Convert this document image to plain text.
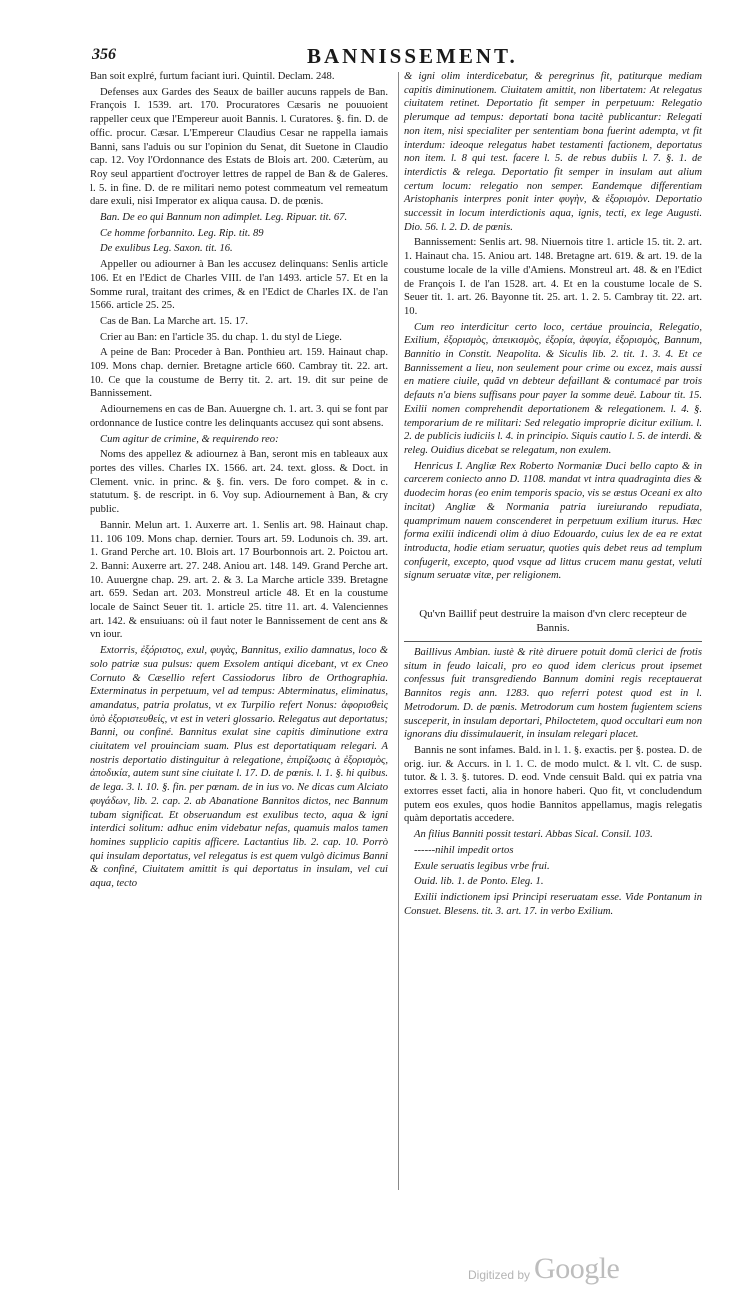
356	BANNISSEMENT.

Ban soit explré, furtum faciant iuri. Quintil. Declam. 248.

Defenses aux Gardes des Seaux de bailler aucuns rappels de Ban. François I. 1539. art. 170. Procuratores Cæsaris ne pouuoient rappeller ceux que l'Empereur auoit Bannis. l. Curatores. §. fin. D. de offic. procur. Cæsar. L'Empereur Claudius Cesar ne rappella iamais Banni, sans l'aduis ou sur l'opinion du Senat, dit Suetone in Claudio cap. 12. Voy l'Ordonnance des Estats de Blois art. 200. Cæterùm, au Roy seul appartient d'octroyer lettres de rappel de Ban & de Galeres. l. 5. in fine. D. de re militari nemo potest commeatum vel remeatum dare exuli, nisi Imperator ex aliqua causa. D. de pœnis.

Ban. De eo qui Bannum non adimplet. Leg. Ripuar. tit. 67.

Ce homme forbannito. Leg. Rip. tit. 89

De exulibus Leg. Saxon. tit. 16.

Appeller ou adiourner à Ban les accusez delinquans: Senlis article 106. Et en l'Edict de Charles VIII. de l'an 1493. article 57. Et en la Somme rural, traitant des crimes, & en l'Edict de Charles IX. de l'an 1566. article 25. 25.

Cas de Ban. La Marche art. 15. 17.

Crier au Ban: en l'article 35. du chap. 1. du styl de Liege.

A peine de Ban: Proceder à Ban. Ponthieu art. 159. Hainaut chap. 109. Mons chap. dernier. Bretagne article 660. Cambray tit. 22. art. 10. Ce que la coustume de Berry tit. 2. art. 19. dit sur peine de Bannissement.

Adiournemens en cas de Ban. Auuergne ch. 1. art. 3. qui se font par ordonnance de Iustice contre les delinquants accusez qui sont absens.

Cum agitur de crimine, & requirendo reo:

Noms des appellez & adiournez à Ban, seront mis en tableaux aux portes des villes. Charles IX. 1566. art. 24. text. gloss. & Doct. in Clement. vnic. in princ. & §. fin. vers. De foro compet. & in c. statutum. §. de rescript. in 6. Voy sup. Adiournement à Ban, & cry public.

Bannir. Melun art. 1. Auxerre art. 1. Senlis art. 98. Hainaut chap. 11. 106 109. Mons chap. dernier. Tours art. 59. Lodunois ch. 39. art. 1. Grand Perche art. 10. Blois art. 17 Bourbonnois art. 2. Poictou art. 2. Banni: Auxerre art. 27. 248. Aniou art. 148. 149. Grand Perche art. 10. Auuergne chap. 29. art. 2. & 3. La Marche article 339. Bretagne art. 659. Sedan art. 203. Monstreul article 48. Et en la coustume locale de Sainct Seuer tit. 1. article 25. titre 11. art. 4. Valenciennes art. 142. & ensuiuans: où il faut noter le Bannissement de cent ans & vn iour.

Extorris, ἐξόριστος, exul, φυγὰς, Bannitus, exilio damnatus, loco & solo patriæ sua pulsus: quem Exsolem antiqui dicebant, vt ex Cneo Cornuto & Cæsellio refert Cassiodorus libro de Orthographia. Exterminatus in perpetuum, vel ad tempus: Abterminatus, eliminatus, amandatus, patria prolatus, vt ex Turpilio refert Nonus: ἀφορισθεὶς ὑπὸ ἐξοριστευθείς, vt est in veteri glossario. Relegatus aut deportatus; Banni, ou confiné. Bannitus exulat sine capitis diminutione extra ciuitatem vel prouinciam suam. Plus est deportatiquam relegari. A nostris deportatio distinguitur à relegatione, ἐπιρίζωσις à ἐξορισμὸς, ἀποδικία, autem sunt sine ciuitate l. 17. D. de pœnis. l. 1. §. hi quibus. de lega. 3. l. 10. §. fin. per pœnam. de in ius vo. Ne dicas cum Alciato φυγάδων, lib. 2. cap. 2. ab Abanatione Bannitos dictos, nec Bannum tubam significat. Et obseruandum est exulibus tecto, aqua & igni interdici solitum: adhuc enim videbatur nefas, quamuis malos tamen homines supplicio capitis afficere. Lactantius lib. 2. cap. 10. Porrò qui insulam deportatus, vel relegatus is est quem vulgò dicimus Banni & confiné, Ciuitatem amittit is qui deportatus in insulam, vel cui aqua, tecto

& igni olim interdicebatur, & peregrinus fit, patiturque mediam capitis diminutionem. Ciuitatem amittit, non libertatem: At relegatus ciuitatem retinet. Deportatio fit semper in perpetuum: Relegatio plerumque ad tempus: deportati bona tacitè publicantur: Relegati non item, nisi specialiter per sententiam bona fuerint adempta, vt fit interdum: ideoque relegatus habet testamenti factionem, deportatus non item. l. 8 qui test. facere l. 5. de rebus dubiis l. 7. §. 1. de interdictis & relega. Deportatio fit semper in insulam aut alium certum locum: relegatio non semper. Eandemque differentiam Aristophanis interpres ponit inter φυγὴν, & ἐξορισμὸν. Deportatio successit in locum interdictionis aqua, ignis, tecti, ex lege Augusti. Dio. 56. l. 2. D. de pœnis.

Bannissement: Senlis art. 98. Niuernois titre 1. article 15. tit. 2. art. 1. Hainaut cha. 15. Aniou art. 148. Bretagne art. 619. & art. 19. de la coustume locale de la ville d'Amiens. Monstreul art. 48. & en l'Edict de François I. de l'an 1528. art. 4. Et en la coustume locale de S. Seuer tit. 1. art. 26. Bayonne tit. 25. art. 1. 2. 5. Cambray tit. 22. art. 10.

Cum reo interdicitur certo loco, certáue prouincia, Relegatio, Exilium, ἐξορισμὸς, ἀπεικισμὸς, ἐξορία, ἀφυγία, ἐξορισμὸς, Bannum, Bannitio in Constit. Neapolita. & Siculis lib. 2. tit. 1. 3. 4. Et ce Bannissement a lieu, non seulement pour crime ou excez, mais aussi en matiere ciuile, quãd vn debteur defaillant & contumacé par trois defauts n'a biens suffisans pour payer la somme deuë. Labour tit. 15. Exilii nomen comprehendit deportationem & relegationem. l. 4. §. temporarium de re militari: Sed relegatio improprie dicitur exilium. l. 2. de publicis iudiciis l. 4. in principio. Siquis cautio l. 5. de interdi. & releg. Ouidius dicebat se relegatum, non exulem.

Henricus I. Angliæ Rex Roberto Normaniæ Duci bello capto & in carcerem coniecto anno D. 1108. mandat vt intra quadraginta dies & duodecim horas (eo enim temporis spacio, vis se æstus Oceani ex alto incitat) Angliæ & Normania patria iureiurando repudiata, quamprimum nauem conscenderet in perpetuum exilium iturus. Hæc forma exilii indicendi olim à diuo Edouardo, cuius lex de ea re extat introducta, hodie etiam seruatur, quoties quis debet reus ad templum confugerit, excepto, quod vsque ad littus crucem manu gestat, veluti signum seruatæ vitæ, per religionem.

Qu'vn Baillif peut destruire la maison d'vn clerc recepteur de Bannis.

Baillivus Ambian. iustè & ritè diruere potuit domũ clerici de frotis situm in feudo laicali, pro eo quod idem clericus prout ipsemet confessus fuit transgrediendo Bannum domini regis receptauerat Bannitos regis ann. 1283. quo referri potest quod est in l. Metrodorum. D. de pœnis. Metrodorum cum hostem fugientem sciens susceperit, in insulam deportari, Philoctetem, quod occultari eum non ignorans diu dissimulauerit, in insulam relegari placet.

Bannis ne sont infames. Bald. in l. 1. §. exactis. per §. postea. D. de orig. iur. & Accurs. in l. 1. C. de modo mulct. & l. vlt. C. de susp. tutor. & l. 3. §. tutores. D. eod. Vnde censuit Bald. qui ex patria vna extorres esset facti, alia in honore haberi. Quo fit, vt concludendum putem eos exules, quos hodie Bannitos appellamus, magis relegatis quàm deportatis accedere.

An filius Banniti possit testari. Abbas Sical. Consil. 103.

------nihil impedit ortos

Exule seruatis legibus vrbe frui.

Ouid. lib. 1. de Ponto. Eleg. 1.

Exilii indictionem ipsi Principi reseruatam esse. Vide Pontanum in Consuet. Blesens. tit. 3. art. 17. in verbo Exilium.

Digitized by Google
